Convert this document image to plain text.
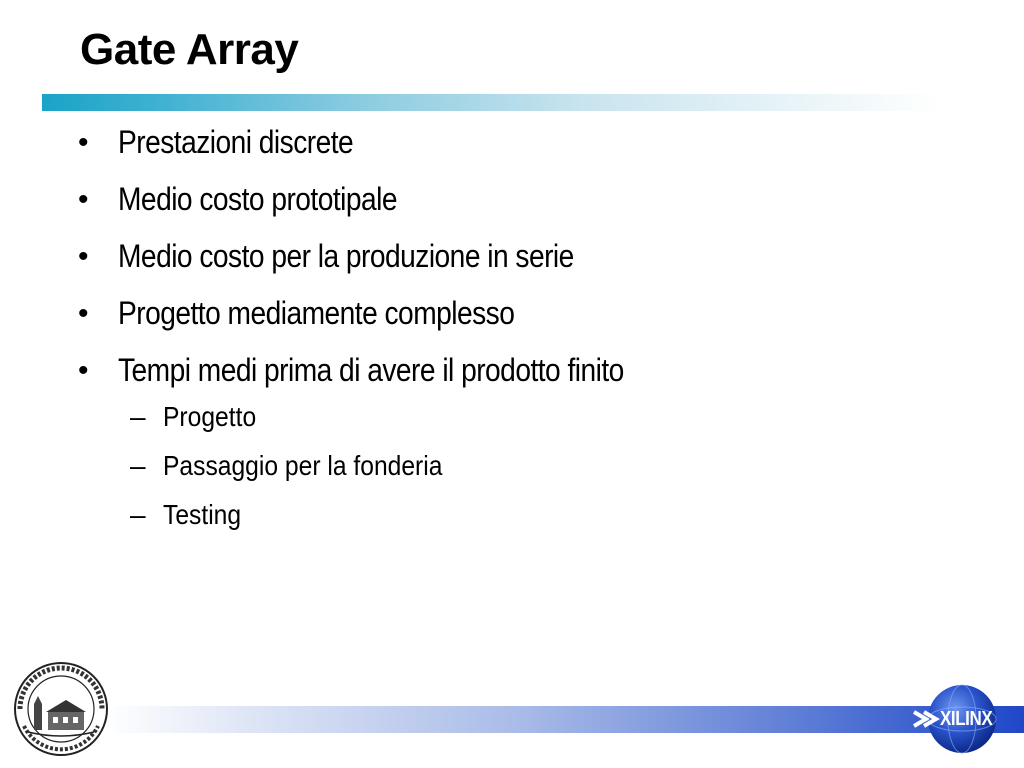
Gate Array
• Prestazioni discrete
• Medio costo prototipale
• Medio costo per la produzione in serie
• Progetto mediamente complesso
• Tempi medi prima di avere il prodotto finito
– Progetto
– Passaggio per la fonderia
– Testing
XILINX
